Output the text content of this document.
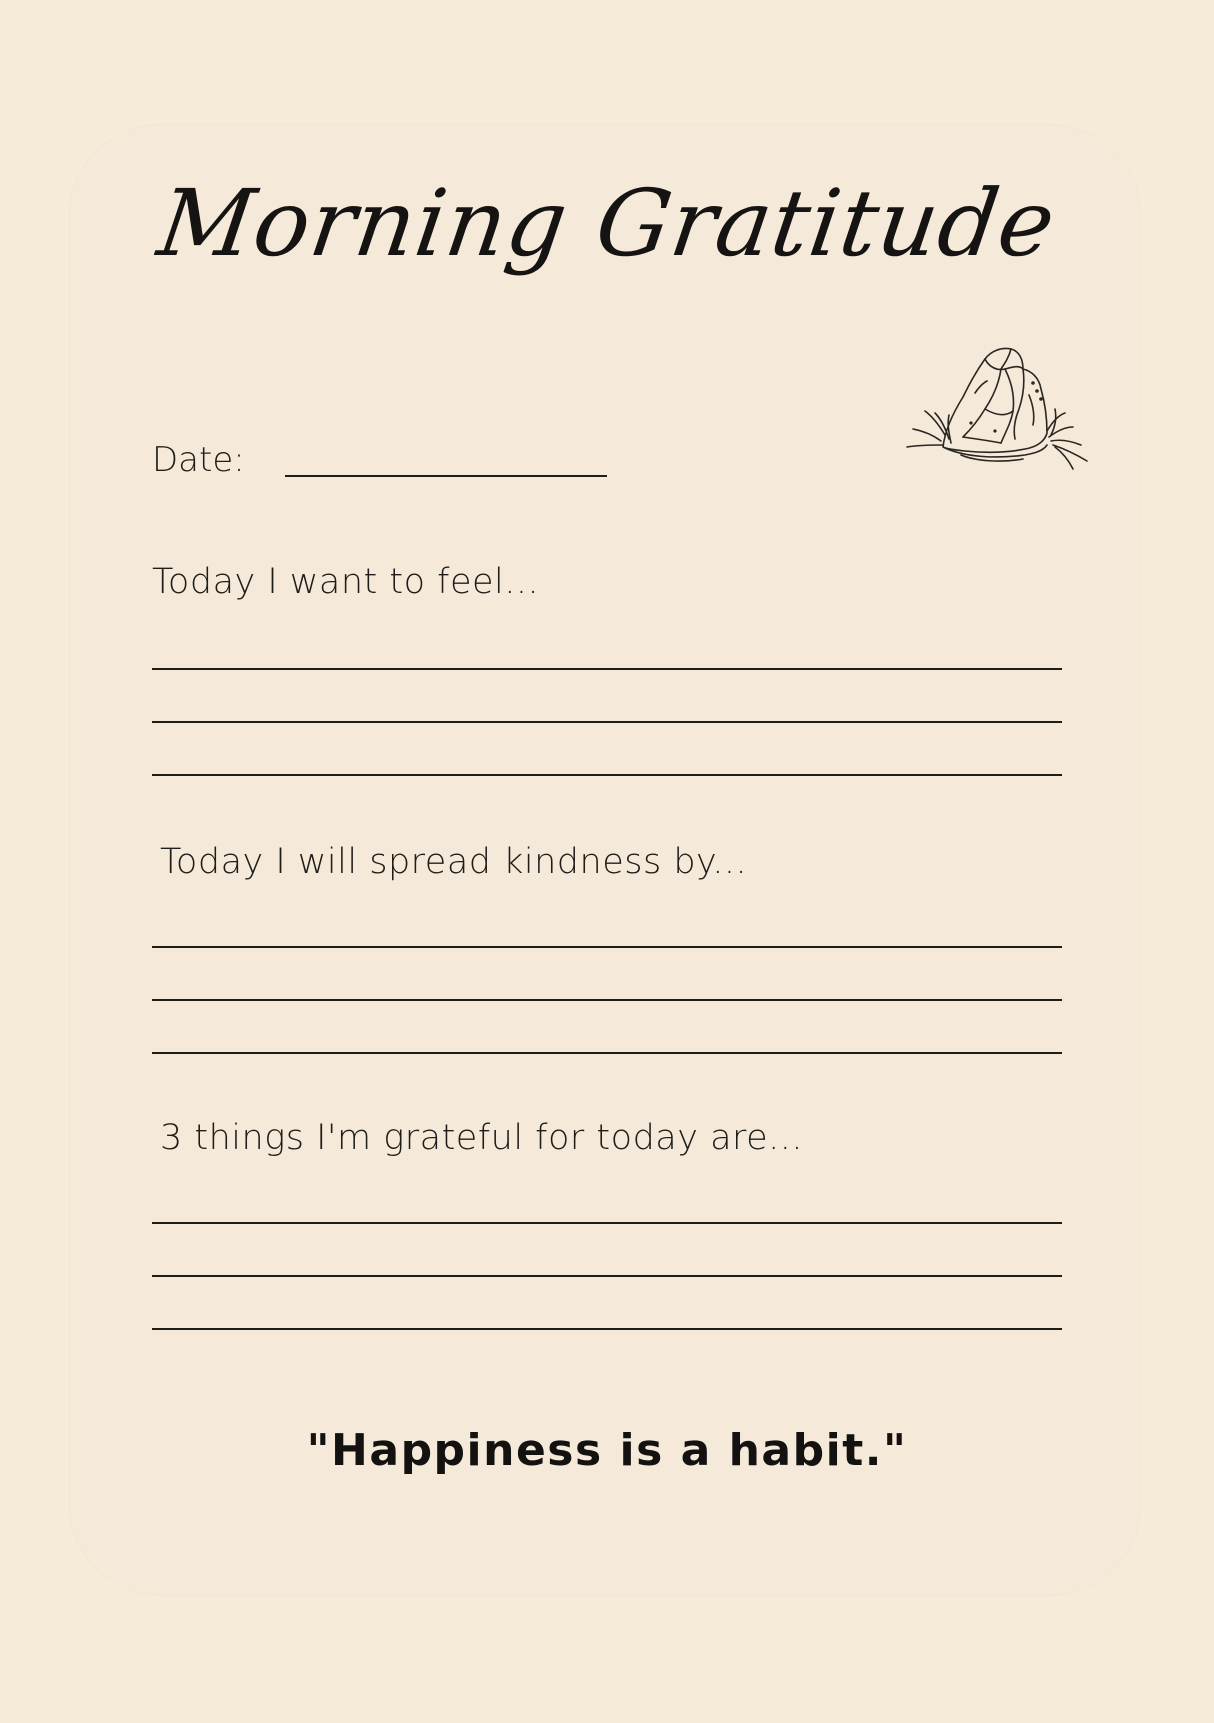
Morning Gratitude

Date:

Today I want to feel...

Today I will spread kindness by...

3 things I'm grateful for today are...

"Happiness is a habit."
